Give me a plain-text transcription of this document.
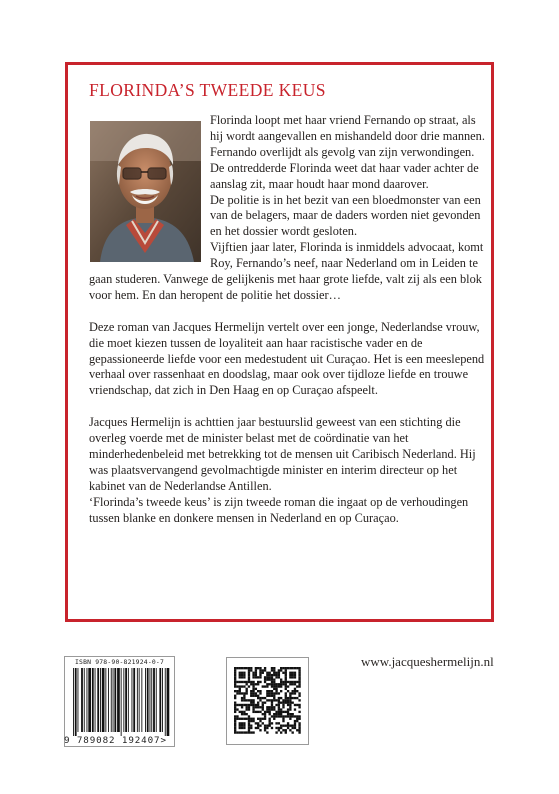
FLORINDA’S TWEEDE KEUS

Florinda loopt met haar vriend Fernando op straat, als hij wordt aangevallen en mishandeld door drie mannen. Fernando overlijdt als gevolg van zijn verwondingen.

De ontredderde Florinda weet dat haar vader achter de aanslag zit, maar houdt haar mond daarover.

De politie is in het bezit van een bloedmonster van een van de belagers, maar de daders worden niet gevonden en het dossier wordt gesloten.

Vijftien jaar later, Florinda is inmiddels advocaat, komt Roy, Fernando’s neef, naar Nederland om in Leiden te gaan studeren. Vanwege de gelijkenis met haar grote liefde, valt zij als een blok voor hem. En dan heropent de politie het dossier…

Deze roman van Jacques Hermelijn vertelt over een jonge, Nederlandse vrouw, die moet kiezen tussen de loyaliteit aan haar racistische vader en de gepassioneerde liefde voor een medestudent uit Curaçao. Het is een meeslepend verhaal over rassenhaat en doodslag, maar ook over tijdloze liefde en trouwe vriendschap, dat zich in Den Haag en op Curaçao afspeelt.

Jacques Hermelijn is achttien jaar bestuurslid geweest van een stichting die overleg voerde met de minister belast met de coördinatie van het minderhedenbeleid met betrekking tot de mensen uit Caribisch Nederland. Hij was plaatsvervangend gevolmachtigde minister en interim directeur op het kabinet van de Nederlandse Antillen.

‘Florinda’s tweede keus’ is zijn tweede roman die ingaat op de verhoudingen tussen blanke en donkere mensen in Nederland en op Curaçao.

ISBN 978-90-821924-0-7
9 789082 192407>
www.jacqueshermelijn.nl
